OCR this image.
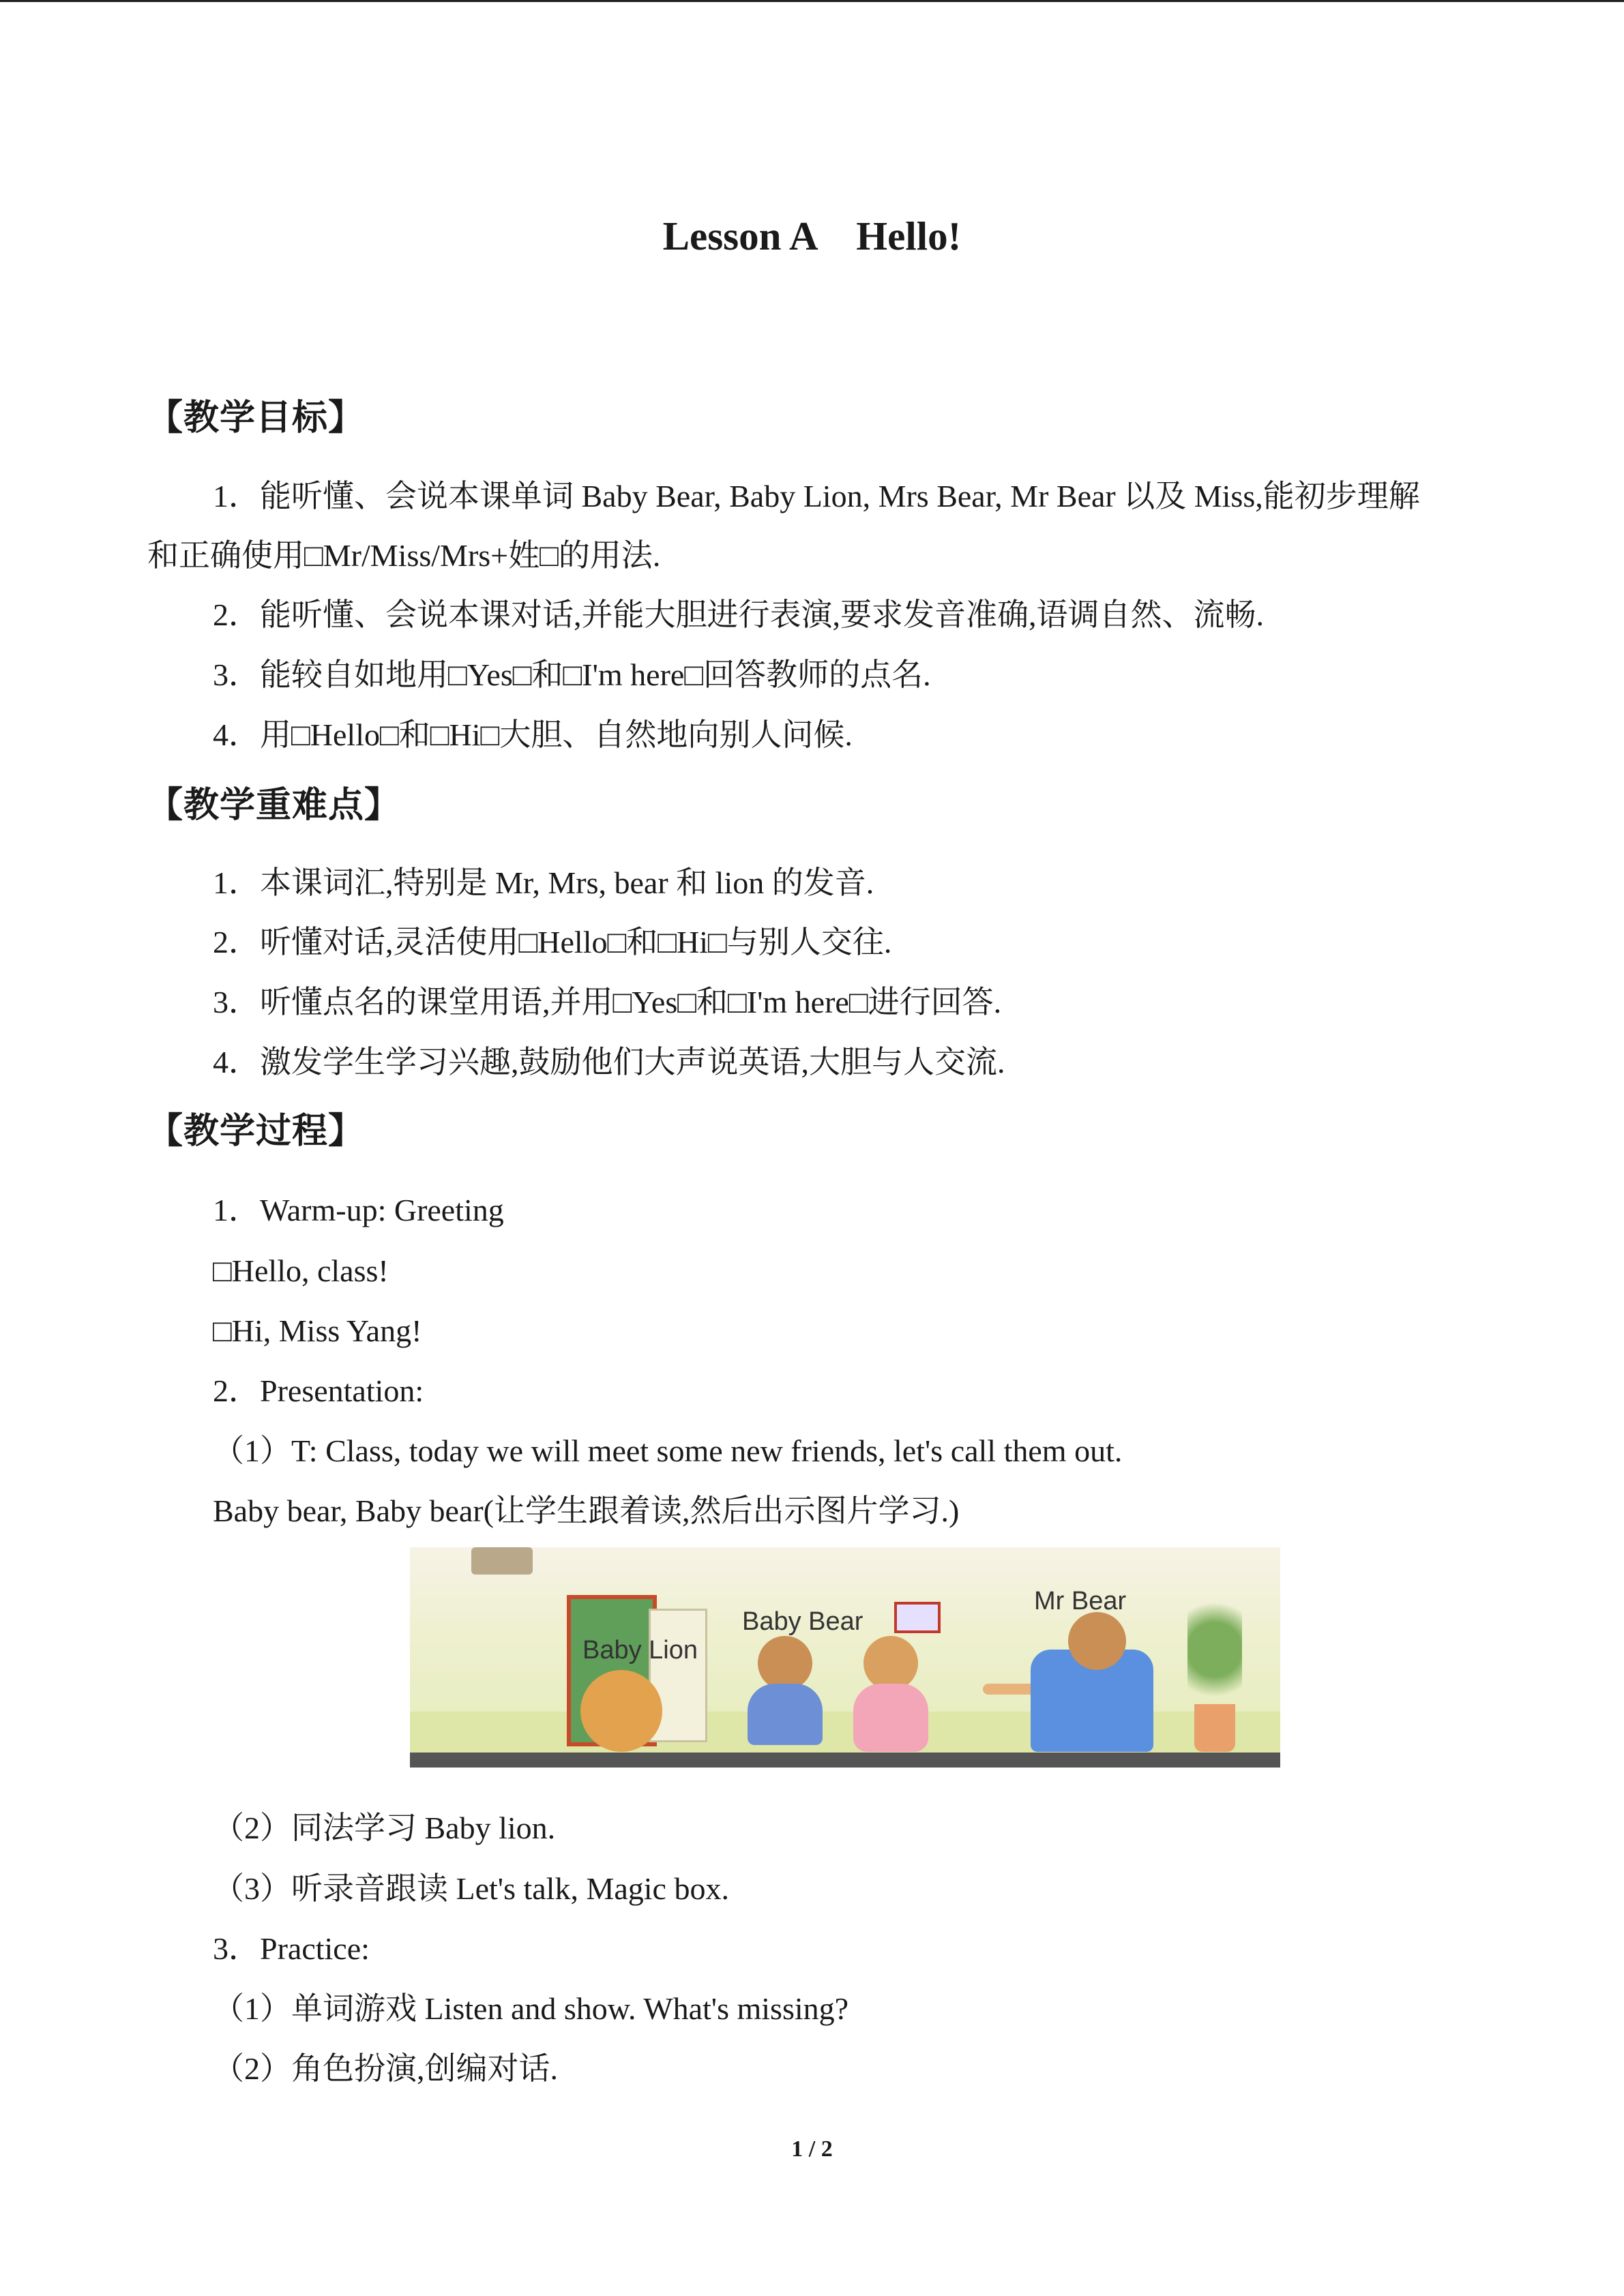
Lesson A    Hello!
【教学目标】
1．能听懂、会说本课单词 Baby Bear, Baby Lion, Mrs Bear, Mr Bear 以及 Miss,能初步理解
和正确使用□Mr/Miss/Mrs+姓□的用法.
2．能听懂、会说本课对话,并能大胆进行表演,要求发音准确,语调自然、流畅.
3．能较自如地用□Yes□和□I'm here□回答教师的点名.
4．用□Hello□和□Hi□大胆、自然地向别人问候.
【教学重难点】
1．本课词汇,特别是 Mr, Mrs, bear 和 lion 的发音.
2．听懂对话,灵活使用□Hello□和□Hi□与别人交往.
3．听懂点名的课堂用语,并用□Yes□和□I'm here□进行回答.
4．激发学生学习兴趣,鼓励他们大声说英语,大胆与人交流.
【教学过程】
1．Warm-up: Greeting
□Hello, class!
□Hi, Miss Yang!
2．Presentation:
（1）T: Class, today we will meet some new friends, let's call them out.
Baby bear, Baby bear(让学生跟着读,然后出示图片学习.)
Baby Lion
Baby Bear
Mr Bear
（2）同法学习 Baby lion.
（3）听录音跟读 Let's talk, Magic box.
3．Practice:
（1）单词游戏 Listen and show. What's missing?
（2）角色扮演,创编对话.
1 / 2
